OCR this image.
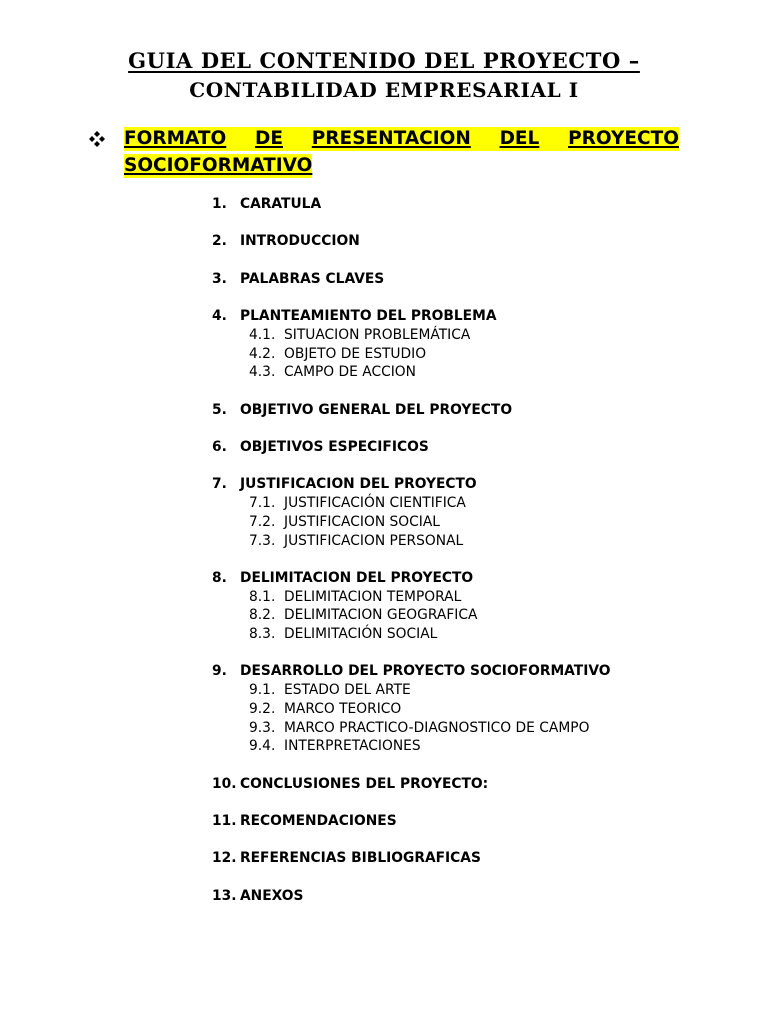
GUIA DEL CONTENIDO DEL PROYECTO –
CONTABILIDAD EMPRESARIAL I
FORMATO DE PRESENTACION DEL PROYECTO
SOCIOFORMATIVO
1. CARATULA
2. INTRODUCCION
3. PALABRAS CLAVES
4. PLANTEAMIENTO DEL PROBLEMA
4.1. SITUACION PROBLEMÁTICA
4.2. OBJETO DE ESTUDIO
4.3. CAMPO DE ACCION
5. OBJETIVO GENERAL DEL PROYECTO
6. OBJETIVOS ESPECIFICOS
7. JUSTIFICACION DEL PROYECTO
7.1. JUSTIFICACIÓN CIENTIFICA
7.2. JUSTIFICACION SOCIAL
7.3. JUSTIFICACION PERSONAL
8. DELIMITACION DEL PROYECTO
8.1. DELIMITACION TEMPORAL
8.2. DELIMITACION GEOGRAFICA
8.3. DELIMITACIÓN SOCIAL
9. DESARROLLO DEL PROYECTO SOCIOFORMATIVO
9.1. ESTADO DEL ARTE
9.2. MARCO TEORICO
9.3. MARCO PRACTICO-DIAGNOSTICO DE CAMPO
9.4. INTERPRETACIONES
10. CONCLUSIONES DEL PROYECTO:
11. RECOMENDACIONES
12. REFERENCIAS BIBLIOGRAFICAS
13. ANEXOS
